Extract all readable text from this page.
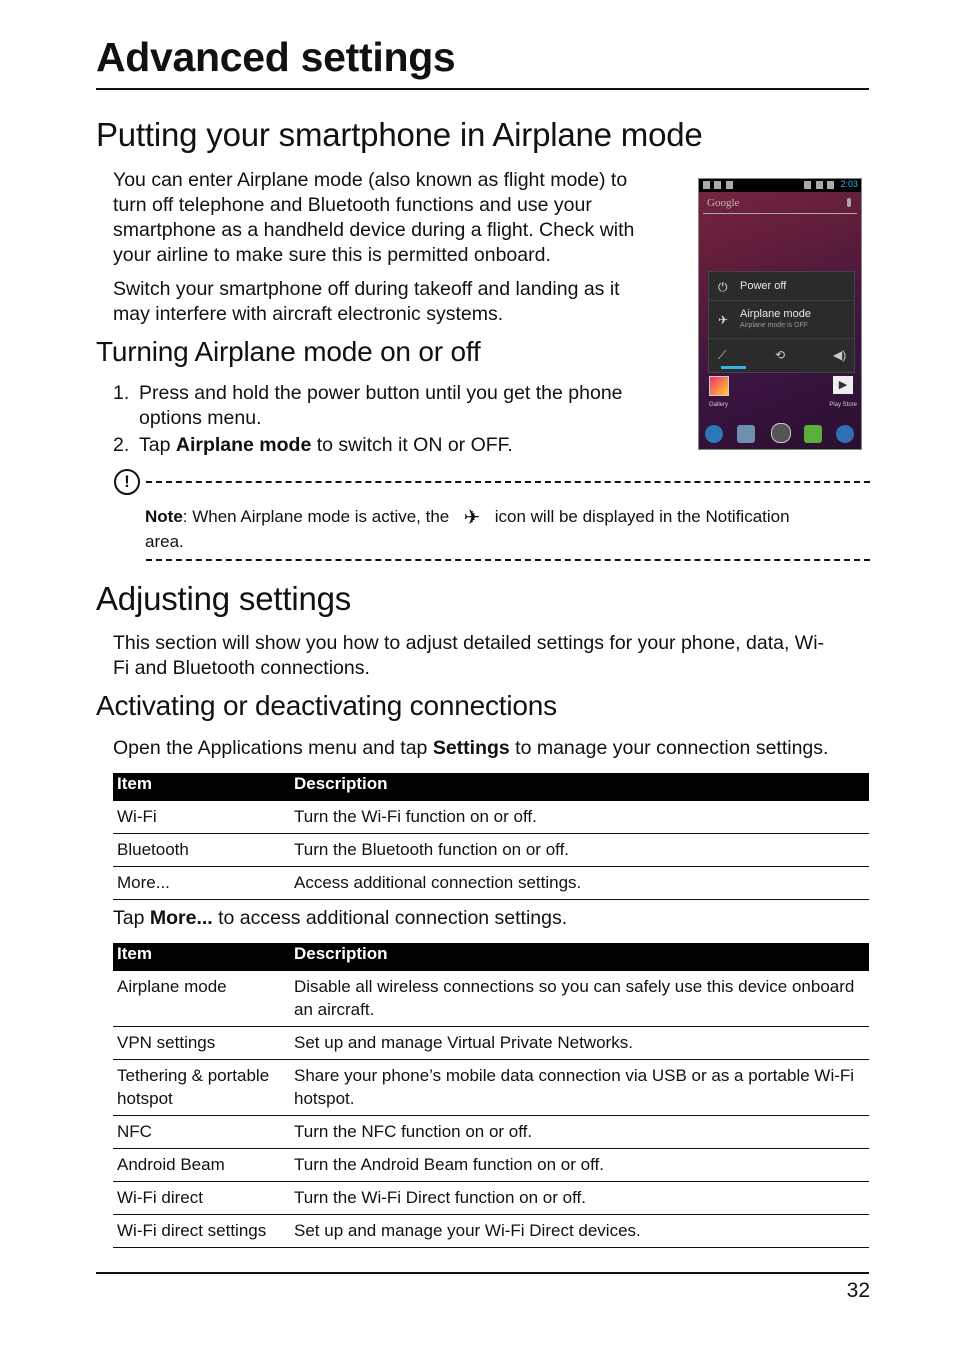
Advanced settings
Putting your smartphone in Airplane mode
You can enter Airplane mode (also known as flight mode) to
turn off telephone and Bluetooth functions and use your
smartphone as a handheld device during a flight. Check with
your airline to make sure this is permitted onboard.
Switch your smartphone off during takeoff and landing as it
may interfere with aircraft electronic systems.
Turning Airplane mode on or off
1. Press and hold the power button until you get the phone
options menu.
2. Tap Airplane mode to switch it ON or OFF.
2:03
Google
⏻ Power off
✈ Airplane mode
Airplane mode is OFF
⟋	⟲	◀)
Gallery
▶
Play Store
!
Note: When Airplane mode is active, the ✈ icon will be displayed in the Notification
area.
Adjusting settings
This section will show you how to adjust detailed settings for your phone, data, Wi-
Fi and Bluetooth connections.
Activating or deactivating connections
Open the Applications menu and tap Settings to manage your connection settings.
Item	Description
Wi-Fi	Turn the Wi-Fi function on or off.
Bluetooth	Turn the Bluetooth function on or off.
More...	Access additional connection settings.
Tap More... to access additional connection settings.
Item	Description
Airplane mode	Disable all wireless connections so you can safely use this device onboard an aircraft.
VPN settings	Set up and manage Virtual Private Networks.
Tethering & portable hotspot	Share your phone’s mobile data connection via USB or as a portable Wi-Fi hotspot.
NFC	Turn the NFC function on or off.
Android Beam	Turn the Android Beam function on or off.
Wi-Fi direct	Turn the Wi-Fi Direct function on or off.
Wi-Fi direct settings	Set up and manage your Wi-Fi Direct devices.
32
